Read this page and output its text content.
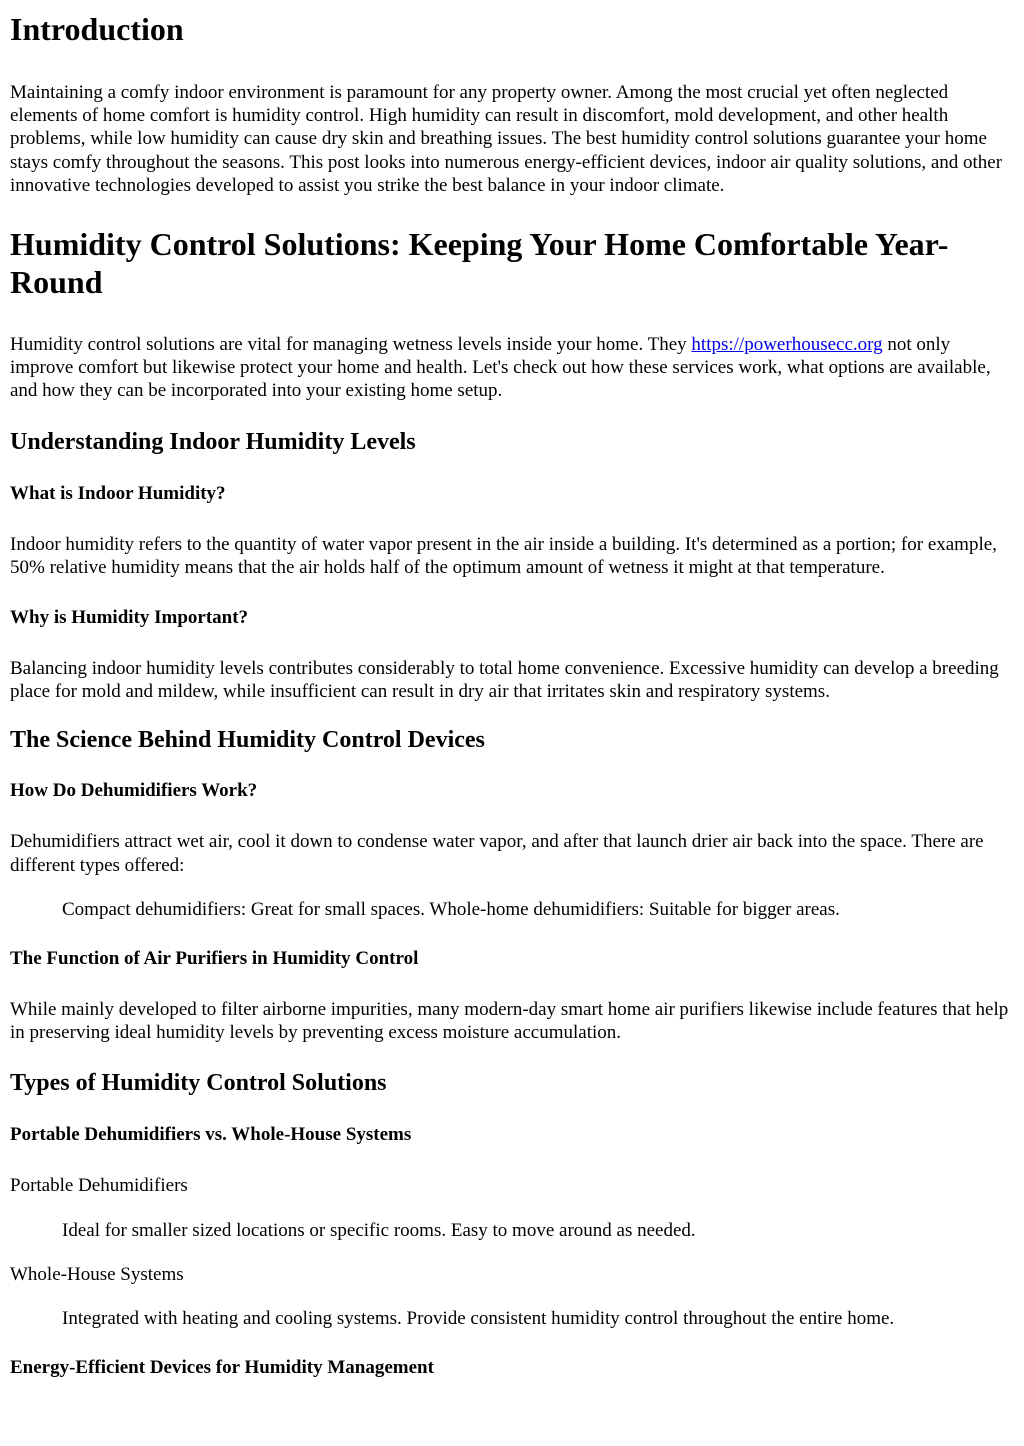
Introduction

Maintaining a comfy indoor environment is paramount for any property owner. Among the most crucial yet often neglected elements of home comfort is humidity control. High humidity can result in discomfort, mold development, and other health problems, while low humidity can cause dry skin and breathing issues. The best humidity control solutions guarantee your home stays comfy throughout the seasons. This post looks into numerous energy-efficient devices, indoor air quality solutions, and other innovative technologies developed to assist you strike the best balance in your indoor climate.

Humidity Control Solutions: Keeping Your Home Comfortable Year-Round

Humidity control solutions are vital for managing wetness levels inside your home. They https://powerhousecc.org not only improve comfort but likewise protect your home and health. Let's check out how these services work, what options are available, and how they can be incorporated into your existing home setup.

Understanding Indoor Humidity Levels
What is Indoor Humidity?

Indoor humidity refers to the quantity of water vapor present in the air inside a building. It's determined as a portion; for example, 50% relative humidity means that the air holds half of the optimum amount of wetness it might at that temperature.

Why is Humidity Important?

Balancing indoor humidity levels contributes considerably to total home convenience. Excessive humidity can develop a breeding place for mold and mildew, while insufficient can result in dry air that irritates skin and respiratory systems.

The Science Behind Humidity Control Devices
How Do Dehumidifiers Work?

Dehumidifiers attract wet air, cool it down to condense water vapor, and after that launch drier air back into the space. There are different types offered:

Compact dehumidifiers: Great for small spaces. Whole-home dehumidifiers: Suitable for bigger areas.

The Function of Air Purifiers in Humidity Control

While mainly developed to filter airborne impurities, many modern-day smart home air purifiers likewise include features that help in preserving ideal humidity levels by preventing excess moisture accumulation.

Types of Humidity Control Solutions
Portable Dehumidifiers vs. Whole-House Systems

Portable Dehumidifiers

Ideal for smaller sized locations or specific rooms. Easy to move around as needed.

Whole-House Systems

Integrated with heating and cooling systems. Provide consistent humidity control throughout the entire home.

Energy-Efficient Devices for Humidity Management
